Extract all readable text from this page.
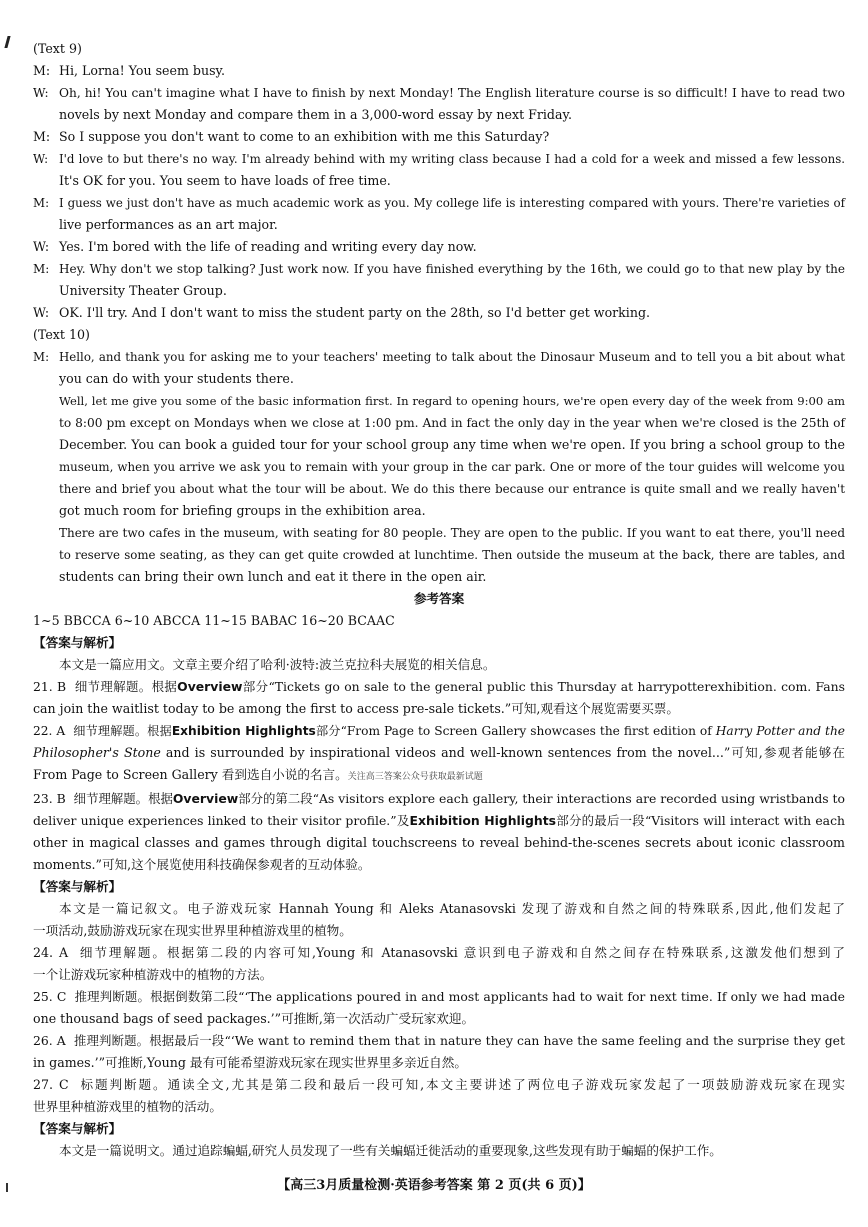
(Text 9)
M: Hi, Lorna! You seem busy.
W: Oh, hi! You can't imagine what I have to finish by next Monday! The English literature course is so difficult! I have to read two
novels by next Monday and compare them in a 3,000-word essay by next Friday.
M: So I suppose you don't want to come to an exhibition with me this Saturday?
W: I'd love to but there's no way. I'm already behind with my writing class because I had a cold for a week and missed a few lessons.
It's OK for you. You seem to have loads of free time.
M: I guess we just don't have as much academic work as you. My college life is interesting compared with yours. There're varieties of
live performances as an art major.
W: Yes. I'm bored with the life of reading and writing every day now.
M: Hey. Why don't we stop talking? Just work now. If you have finished everything by the 16th, we could go to that new play by the
University Theater Group.
W: OK. I'll try. And I don't want to miss the student party on the 28th, so I'd better get working.
(Text 10)
M: Hello, and thank you for asking me to your teachers' meeting to talk about the Dinosaur Museum and to tell you a bit about what
you can do with your students there.
Well, let me give you some of the basic information first. In regard to opening hours, we're open every day of the week from 9:00 am
to 8:00 pm except on Mondays when we close at 1:00 pm. And in fact the only day in the year when we're closed is the 25th of
December. You can book a guided tour for your school group any time when we're open. If you bring a school group to the
museum, when you arrive we ask you to remain with your group in the car park. One or more of the tour guides will welcome you
there and brief you about what the tour will be about. We do this there because our entrance is quite small and we really haven't
got much room for briefing groups in the exhibition area.
There are two cafes in the museum, with seating for 80 people. They are open to the public. If you want to eat there, you'll need
to reserve some seating, as they can get quite crowded at lunchtime. Then outside the museum at the back, there are tables, and
students can bring their own lunch and eat it there in the open air.
参考答案
1~5 BBCCA 6~10 ABCCA 11~15 BABAC 16~20 BCAAC
【答案与解析】
本文是一篇应用文。文章主要介绍了哈利·波特:波兰克拉科夫展览的相关信息。
21. B 细节理解题。根据Overview部分“Tickets go on sale to the general public this Thursday at harrypotterexhibition. com. Fans
can join the waitlist today to be among the first to access pre-sale tickets.”可知,观看这个展览需要买票。
22. A 细节理解题。根据Exhibition Highlights部分“From Page to Screen Gallery showcases the first edition of Harry Potter and the
Philosopher's Stone and is surrounded by inspirational videos and well-known sentences from the novel...”可知,参观者能够在
From Page to Screen Gallery 看到选自小说的名言。关注高三答案公众号获取最新试题
23. B 细节理解题。根据Overview部分的第二段“As visitors explore each gallery, their interactions are recorded using wristbands to
deliver unique experiences linked to their visitor profile.”及Exhibition Highlights部分的最后一段“Visitors will interact with each
other in magical classes and games through digital touchscreens to reveal behind-the-scenes secrets about iconic classroom
moments.”可知,这个展览使用科技确保参观者的互动体验。
【答案与解析】
本文是一篇记叙文。电子游戏玩家 Hannah Young 和 Aleks Atanasovski 发现了游戏和自然之间的特殊联系,因此,他们发起了
一项活动,鼓励游戏玩家在现实世界里种植游戏里的植物。
24. A 细节理解题。根据第二段的内容可知,Young 和 Atanasovski 意识到电子游戏和自然之间存在特殊联系,这激发他们想到了
一个让游戏玩家种植游戏中的植物的方法。
25. C 推理判断题。根据倒数第二段“‘The applications poured in and most applicants had to wait for next time. If only we had made
one thousand bags of seed packages.’”可推断,第一次活动广受玩家欢迎。
26. A 推理判断题。根据最后一段“‘We want to remind them that in nature they can have the same feeling and the surprise they get
in games.’”可推断,Young 最有可能希望游戏玩家在现实世界里多亲近自然。
27. C 标题判断题。通读全文,尤其是第二段和最后一段可知,本文主要讲述了两位电子游戏玩家发起了一项鼓励游戏玩家在现实
世界里种植游戏里的植物的活动。
【答案与解析】
本文是一篇说明文。通过追踪蝙蝠,研究人员发现了一些有关蝙蝠迁徙活动的重要现象,这些发现有助于蝙蝠的保护工作。
【高三3月质量检测·英语参考答案 第 2 页(共 6 页)】
